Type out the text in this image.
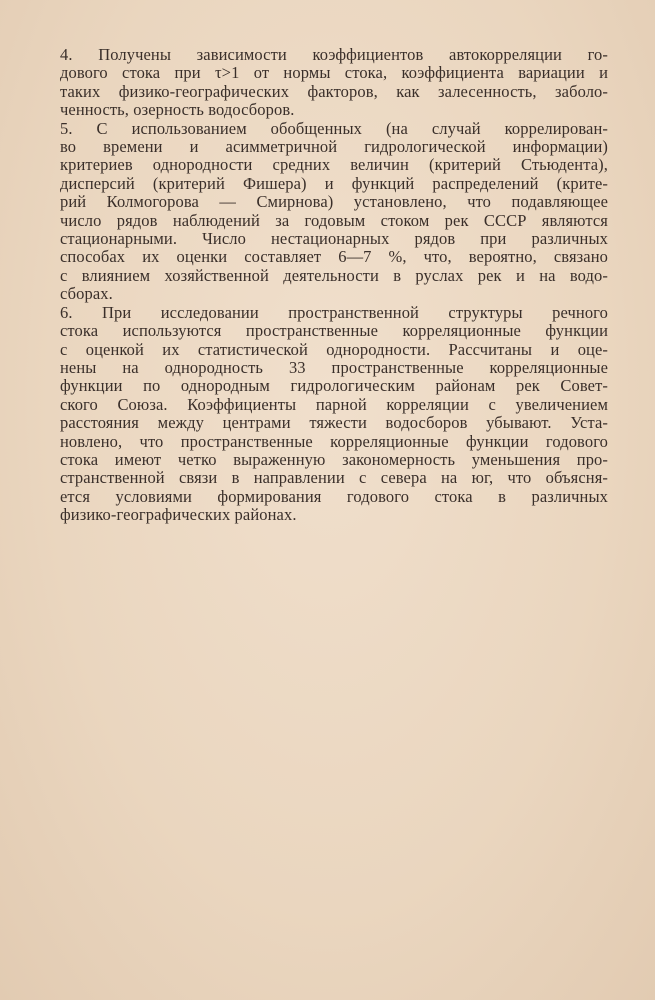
4. Получены зависимости коэффициентов автокорреляции го-
дового стока при τ>1 от нормы стока, коэффициента вариации и
таких физико-географических факторов, как залесенность, заболо-
ченность, озерность водосборов.

5. С использованием обобщенных (на случай коррелирован-
во времени и асимметричной гидрологической информации)
критериев однородности средних величин (критерий Стьюдента),
дисперсий (критерий Фишера) и функций распределений (крите-
рий Колмогорова — Смирнова) установлено, что подавляющее
число рядов наблюдений за годовым стоком рек СССР являются
стационарными. Число нестационарных рядов при различных
способах их оценки составляет 6—7 %, что, вероятно, связано
с влиянием хозяйственной деятельности в руслах рек и на водо-
сборах.

6. При исследовании пространственной структуры речного
стока используются пространственные корреляционные функции
с оценкой их статистической однородности. Рассчитаны и оце-
нены на однородность 33 пространственные корреляционные
функции по однородным гидрологическим районам рек Совет-
ского Союза. Коэффициенты парной корреляции с увеличением
расстояния между центрами тяжести водосборов убывают. Уста-
новлено, что пространственные корреляционные функции годового
стока имеют четко выраженную закономерность уменьшения про-
странственной связи в направлении с севера на юг, что объясня-
ется условиями формирования годового стока в различных
физико-географических районах.
